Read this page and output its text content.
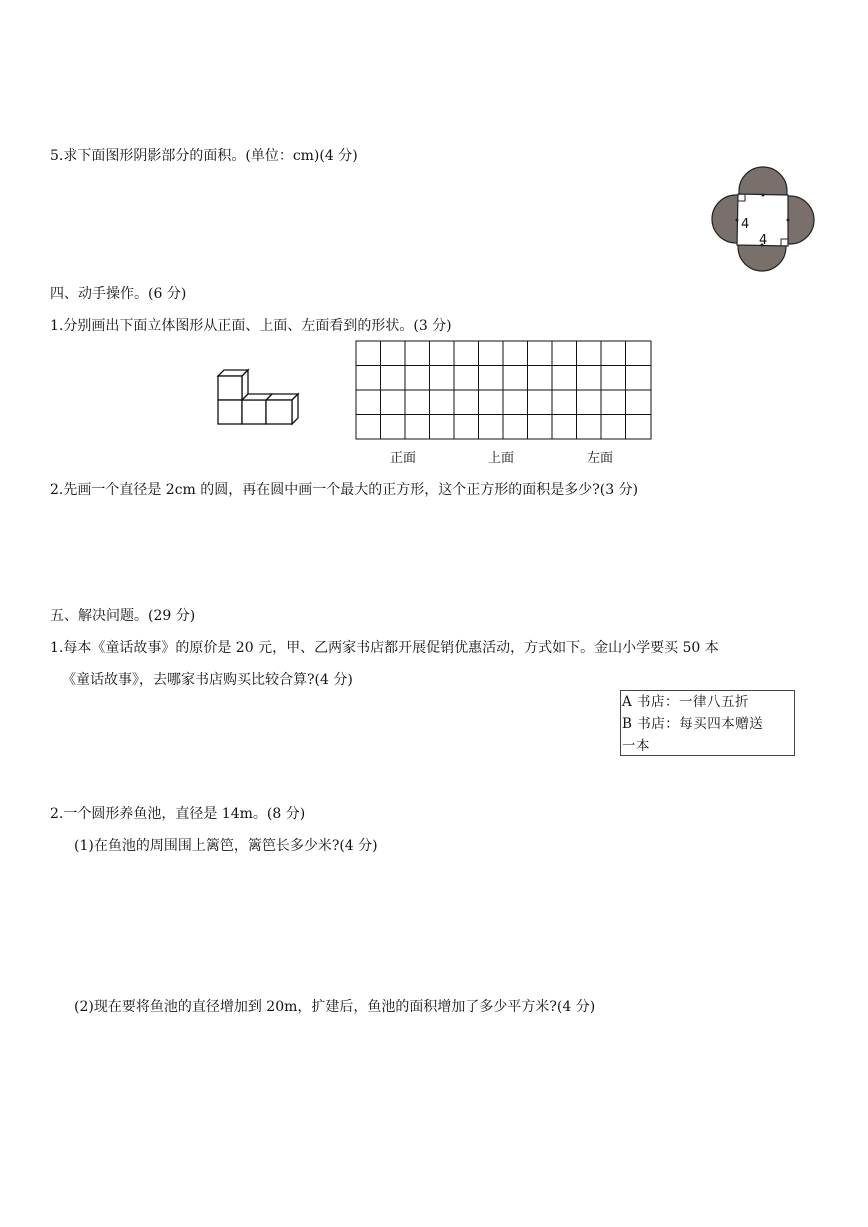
5.求下面图形阴影部分的面积。(单位：cm)(4 分)
4
4
四、动手操作。(6 分)
1.分别画出下面立体图形从正面、上面、左面看到的形状。(3 分)
正面	上面	左面
2.先画一个直径是 2cm 的圆，再在圆中画一个最大的正方形，这个正方形的面积是多少?(3 分)
五、解决问题。(29 分)
1.每本《童话故事》的原价是 20 元，甲、乙两家书店都开展促销优惠活动，方式如下。金山小学要买 50 本
《童话故事》，去哪家书店购买比较合算?(4 分)
A 书店：一律八五折
B 书店：每买四本赠送
一本
2.一个圆形养鱼池，直径是 14m。(8 分)
(1)在鱼池的周围围上篱笆，篱笆长多少米?(4 分)
(2)现在要将鱼池的直径增加到 20m，扩建后，鱼池的面积增加了多少平方米?(4 分)
